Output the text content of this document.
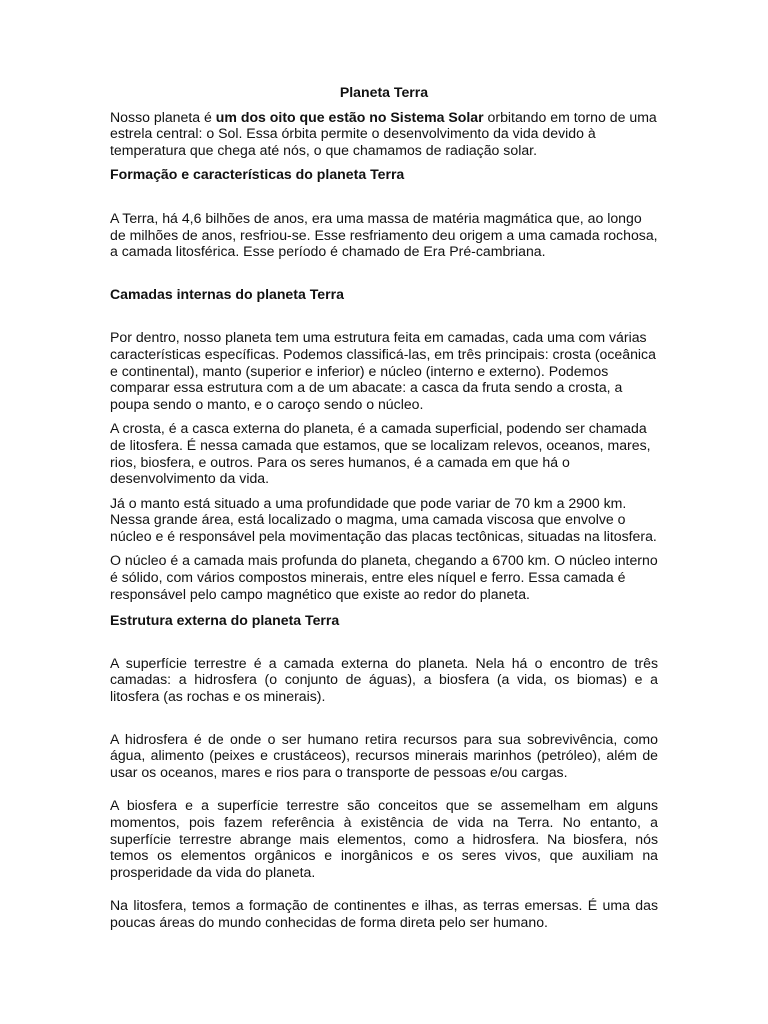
Planeta Terra

Nosso planeta é um dos oito que estão no Sistema Solar orbitando em torno de uma estrela central: o Sol. Essa órbita permite o desenvolvimento da vida devido à temperatura que chega até nós, o que chamamos de radiação solar.

Formação e características do planeta Terra

A Terra, há 4,6 bilhões de anos, era uma massa de matéria magmática que, ao longo de milhões de anos, resfriou-se. Esse resfriamento deu origem a uma camada rochosa, a camada litosférica. Esse período é chamado de Era Pré-cambriana.

Camadas internas do planeta Terra

Por dentro, nosso planeta tem uma estrutura feita em camadas, cada uma com várias características específicas. Podemos classificá-las, em três principais: crosta (oceânica e continental), manto (superior e inferior) e núcleo (interno e externo). Podemos comparar essa estrutura com a de um abacate: a casca da fruta sendo a crosta, a poupa sendo o manto, e o caroço sendo o núcleo.

A crosta, é a casca externa do planeta, é a camada superficial, podendo ser chamada de litosfera. É nessa camada que estamos, que se localizam relevos, oceanos, mares, rios, biosfera, e outros. Para os seres humanos, é a camada em que há o desenvolvimento da vida.

Já o manto está situado a uma profundidade que pode variar de 70 km a 2900 km. Nessa grande área, está localizado o magma, uma camada viscosa que envolve o núcleo e é responsável pela movimentação das placas tectônicas, situadas na litosfera.

O núcleo é a camada mais profunda do planeta, chegando a 6700 km. O núcleo interno é sólido, com vários compostos minerais, entre eles níquel e ferro. Essa camada é responsável pelo campo magnético que existe ao redor do planeta.

Estrutura externa do planeta Terra

A superfície terrestre é a camada externa do planeta. Nela há o encontro de três camadas: a hidrosfera (o conjunto de águas), a biosfera (a vida, os biomas) e a litosfera (as rochas e os minerais).

A hidrosfera é de onde o ser humano retira recursos para sua sobrevivência, como água, alimento (peixes e crustáceos), recursos minerais marinhos (petróleo), além de usar os oceanos, mares e rios para o transporte de pessoas e/ou cargas.

A biosfera e a superfície terrestre são conceitos que se assemelham em alguns momentos, pois fazem referência à existência de vida na Terra. No entanto, a superfície terrestre abrange mais elementos, como a hidrosfera. Na biosfera, nós temos os elementos orgânicos e inorgânicos e os seres vivos, que auxiliam na prosperidade da vida do planeta.

Na litosfera, temos a formação de continentes e ilhas, as terras emersas. É uma das poucas áreas do mundo conhecidas de forma direta pelo ser humano.
